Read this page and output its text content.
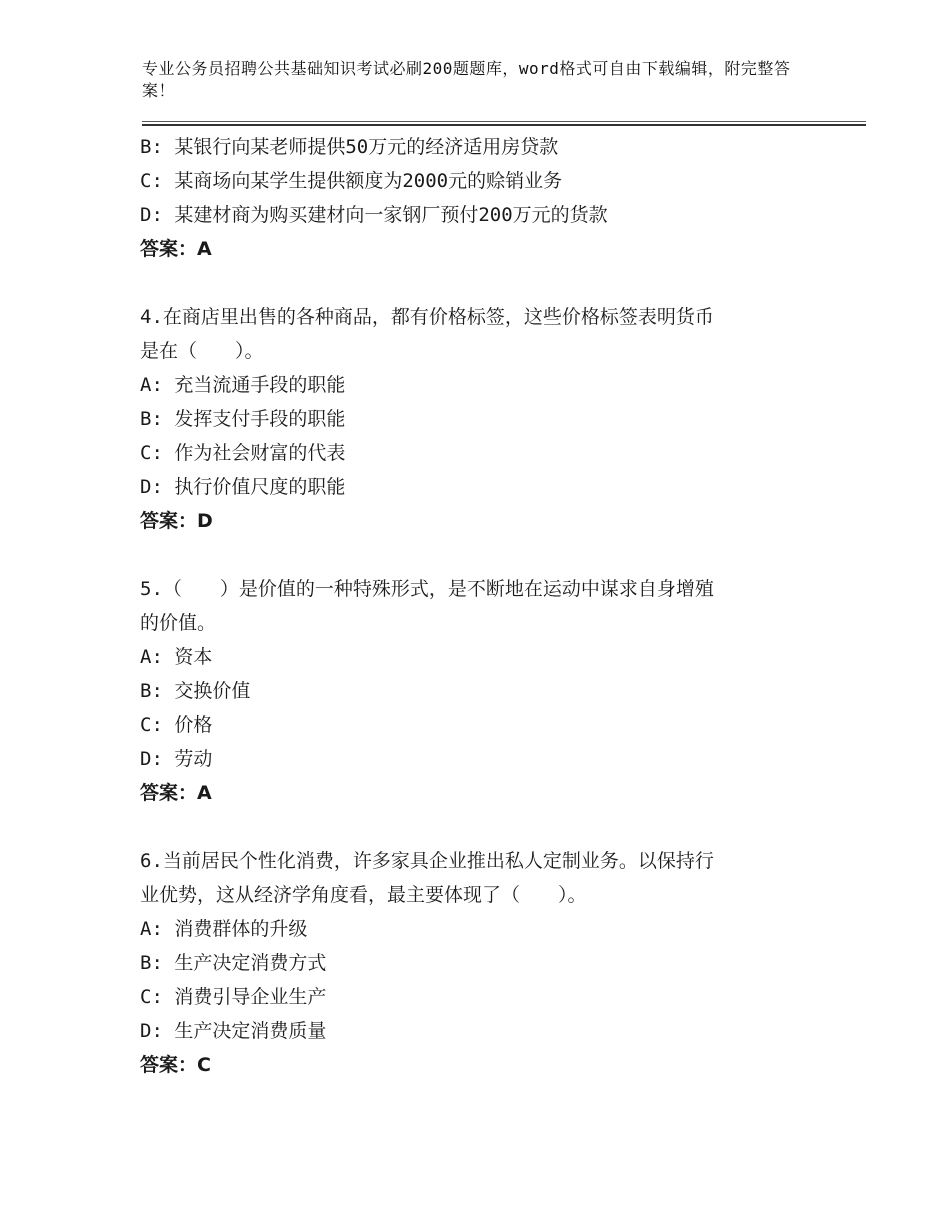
专业公务员招聘公共基础知识考试必刷200题题库，word格式可自由下载编辑，附完整答案！
B: 某银行向某老师提供50万元的经济适用房贷款
C: 某商场向某学生提供额度为2000元的赊销业务
D: 某建材商为购买建材向一家钢厂预付200万元的货款
答案：A
4.在商店里出售的各种商品，都有价格标签，这些价格标签表明货币
是在（　　）。
A: 充当流通手段的职能
B: 发挥支付手段的职能
C: 作为社会财富的代表
D: 执行价值尺度的职能
答案：D
5.（　　）是价值的一种特殊形式，是不断地在运动中谋求自身增殖
的价值。
A: 资本
B: 交换价值
C: 价格
D: 劳动
答案：A
6.当前居民个性化消费，许多家具企业推出私人定制业务。以保持行
业优势，这从经济学角度看，最主要体现了（　　）。
A: 消费群体的升级
B: 生产决定消费方式
C: 消费引导企业生产
D: 生产决定消费质量
答案：C
